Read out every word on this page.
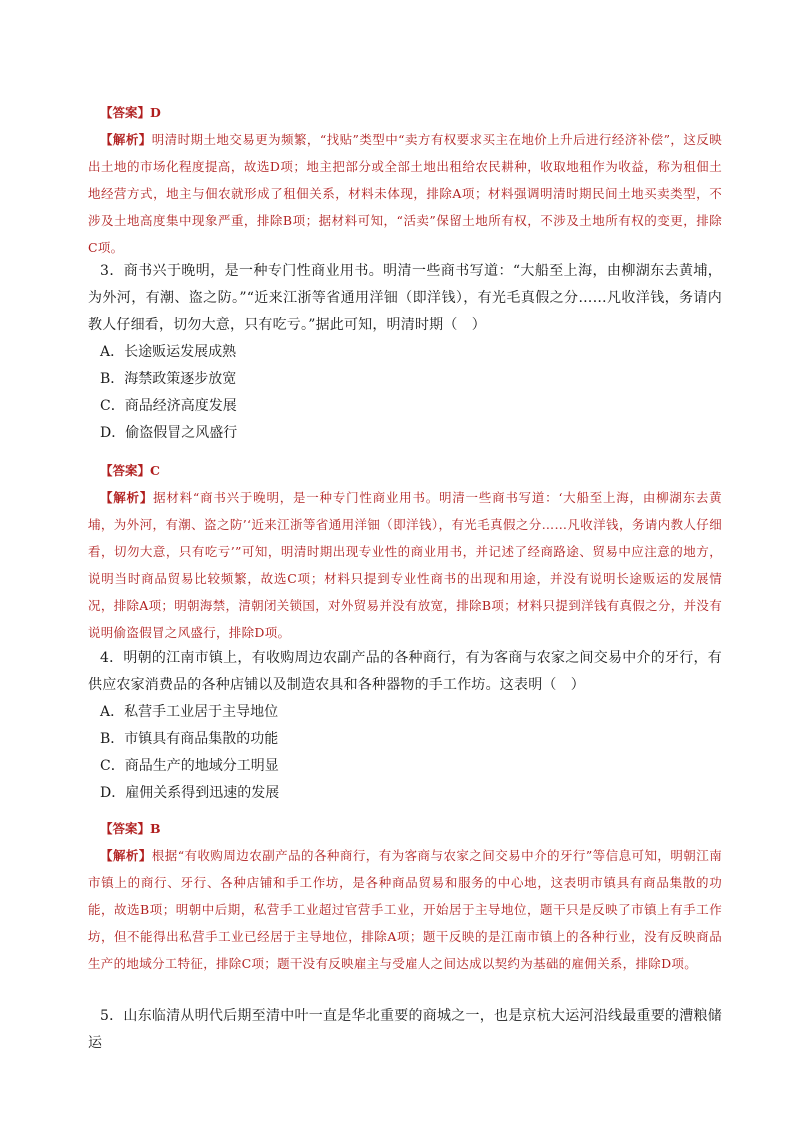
【答案】D
【解析】明清时期土地交易更为频繁，“找贴”类型中“卖方有权要求买主在地价上升后进行经济补偿”，这反映出土地的市场化程度提高，故选D项；地主把部分或全部土地出租给农民耕种，收取地租作为收益，称为租佃土地经营方式，地主与佃农就形成了租佃关系，材料未体现，排除A项；材料强调明清时期民间土地买卖类型，不涉及土地高度集中现象严重，排除B项；据材料可知，“活卖”保留土地所有权，不涉及土地所有权的变更，排除C项。
3．商书兴于晚明，是一种专门性商业用书。明清一些商书写道：“大船至上海，由柳湖东去黄埔，为外河，有潮、盗之防。”“近来江浙等省通用洋钿（即洋钱），有光毛真假之分……凡收洋钱，务请内教人仔细看，切勿大意，只有吃亏。”据此可知，明清时期（　）
A．长途贩运发展成熟
B．海禁政策逐步放宽
C．商品经济高度发展
D．偷盗假冒之风盛行
【答案】C
【解析】据材料“商书兴于晚明，是一种专门性商业用书。明清一些商书写道：‘大船至上海，由柳湖东去黄埔，为外河，有潮、盗之防’‘近来江浙等省通用洋钿（即洋钱），有光毛真假之分……凡收洋钱，务请内教人仔细看，切勿大意，只有吃亏’”可知，明清时期出现专业性的商业用书，并记述了经商路途、贸易中应注意的地方，说明当时商品贸易比较频繁，故选C项；材料只提到专业性商书的出现和用途，并没有说明长途贩运的发展情况，排除A项；明朝海禁，清朝闭关锁国，对外贸易并没有放宽，排除B项；材料只提到洋钱有真假之分，并没有说明偷盗假冒之风盛行，排除D项。
4．明朝的江南市镇上，有收购周边农副产品的各种商行，有为客商与农家之间交易中介的牙行，有供应农家消费品的各种店铺以及制造农具和各种器物的手工作坊。这表明（　）
A．私营手工业居于主导地位
B．市镇具有商品集散的功能
C．商品生产的地域分工明显
D．雇佣关系得到迅速的发展
【答案】B
【解析】根据“有收购周边农副产品的各种商行，有为客商与农家之间交易中介的牙行”等信息可知，明朝江南市镇上的商行、牙行、各种店铺和手工作坊，是各种商品贸易和服务的中心地，这表明市镇具有商品集散的功能，故选B项；明朝中后期，私营手工业超过官营手工业，开始居于主导地位，题干只是反映了市镇上有手工作坊，但不能得出私营手工业已经居于主导地位，排除A项；题干反映的是江南市镇上的各种行业，没有反映商品生产的地域分工特征，排除C项；题干没有反映雇主与受雇人之间达成以契约为基础的雇佣关系，排除D项。
5．山东临清从明代后期至清中叶一直是华北重要的商城之一，也是京杭大运河沿线最重要的漕粮储运
